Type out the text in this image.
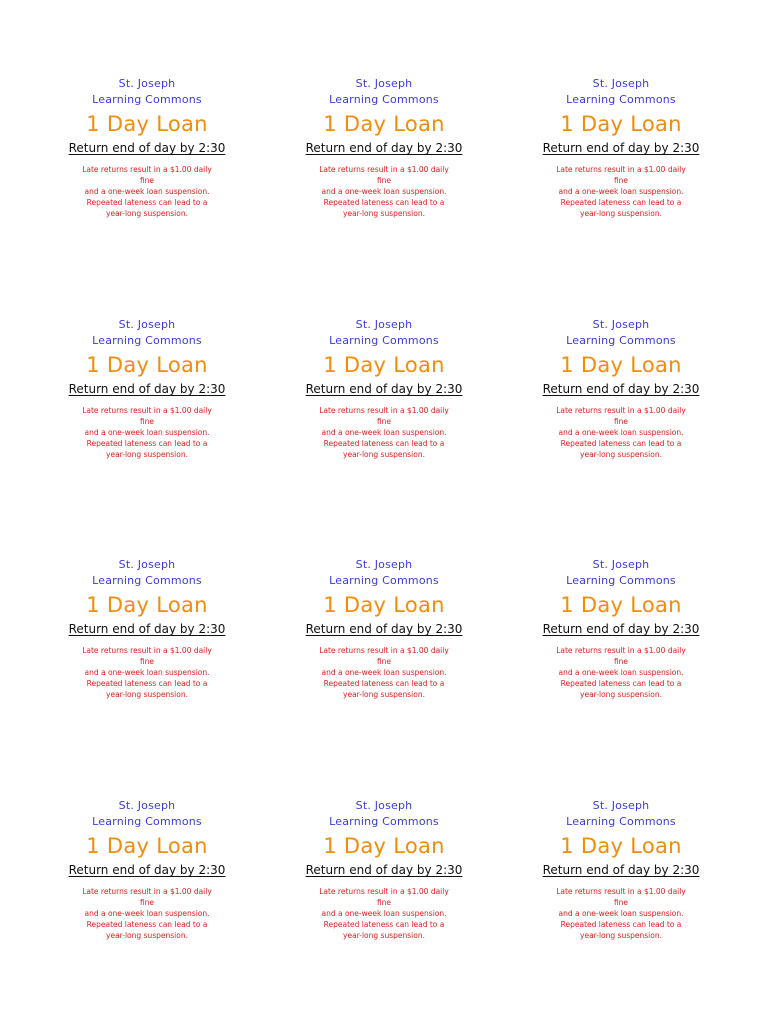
St. Joseph
Learning Commons
1 Day Loan
Return end of day by 2:30
Late returns result in a $1.00 daily fine
and a one-week loan suspension.
Repeated lateness can lead to a
year-long suspension.
St. Joseph
Learning Commons
1 Day Loan
Return end of day by 2:30
Late returns result in a $1.00 daily fine
and a one-week loan suspension.
Repeated lateness can lead to a
year-long suspension.
St. Joseph
Learning Commons
1 Day Loan
Return end of day by 2:30
Late returns result in a $1.00 daily fine
and a one-week loan suspension.
Repeated lateness can lead to a
year-long suspension.
St. Joseph
Learning Commons
1 Day Loan
Return end of day by 2:30
Late returns result in a $1.00 daily fine
and a one-week loan suspension.
Repeated lateness can lead to a
year-long suspension.
St. Joseph
Learning Commons
1 Day Loan
Return end of day by 2:30
Late returns result in a $1.00 daily fine
and a one-week loan suspension.
Repeated lateness can lead to a
year-long suspension.
St. Joseph
Learning Commons
1 Day Loan
Return end of day by 2:30
Late returns result in a $1.00 daily fine
and a one-week loan suspension.
Repeated lateness can lead to a
year-long suspension.
St. Joseph
Learning Commons
1 Day Loan
Return end of day by 2:30
Late returns result in a $1.00 daily fine
and a one-week loan suspension.
Repeated lateness can lead to a
year-long suspension.
St. Joseph
Learning Commons
1 Day Loan
Return end of day by 2:30
Late returns result in a $1.00 daily fine
and a one-week loan suspension.
Repeated lateness can lead to a
year-long suspension.
St. Joseph
Learning Commons
1 Day Loan
Return end of day by 2:30
Late returns result in a $1.00 daily fine
and a one-week loan suspension.
Repeated lateness can lead to a
year-long suspension.
St. Joseph
Learning Commons
1 Day Loan
Return end of day by 2:30
Late returns result in a $1.00 daily fine
and a one-week loan suspension.
Repeated lateness can lead to a
year-long suspension.
St. Joseph
Learning Commons
1 Day Loan
Return end of day by 2:30
Late returns result in a $1.00 daily fine
and a one-week loan suspension.
Repeated lateness can lead to a
year-long suspension.
St. Joseph
Learning Commons
1 Day Loan
Return end of day by 2:30
Late returns result in a $1.00 daily fine
and a one-week loan suspension.
Repeated lateness can lead to a
year-long suspension.
